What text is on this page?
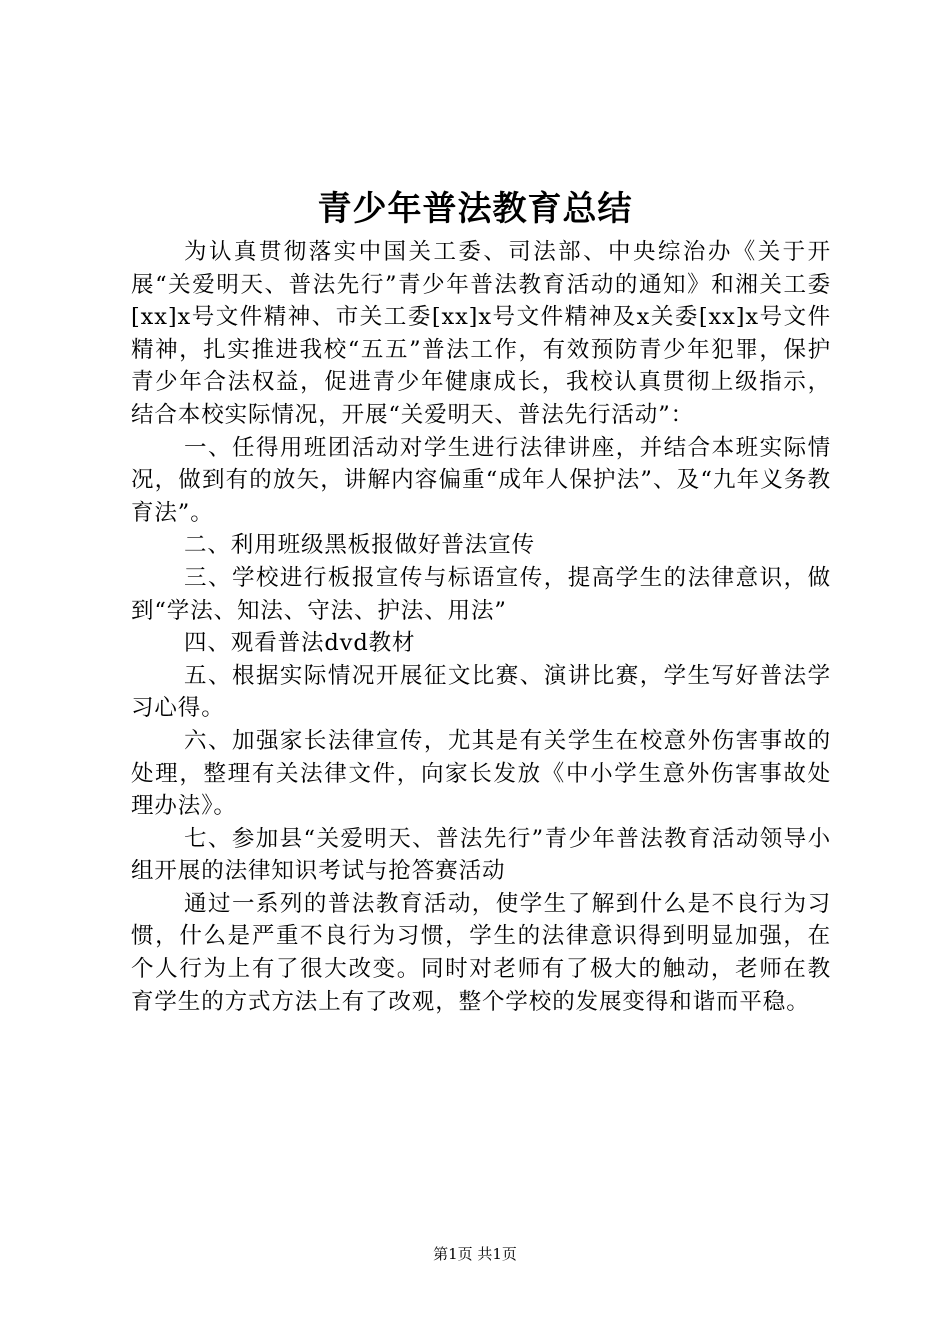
青少年普法教育总结

为认真贯彻落实中国关工委、司法部、中央综治办《关于开展“关爱明天、普法先行”青少年普法教育活动的通知》和湘关工委[xx]x号文件精神、市关工委[xx]x号文件精神及x关委[xx]x号文件精神，扎实推进我校“五五”普法工作，有效预防青少年犯罪，保护青少年合法权益，促进青少年健康成长，我校认真贯彻上级指示，结合本校实际情况，开展“关爱明天、普法先行活动”：

一、任得用班团活动对学生进行法律讲座，并结合本班实际情况，做到有的放矢，讲解内容偏重“成年人保护法”、及“九年义务教育法”。

二、利用班级黑板报做好普法宣传

三、学校进行板报宣传与标语宣传，提高学生的法律意识，做到“学法、知法、守法、护法、用法”

四、观看普法dvd教材

五、根据实际情况开展征文比赛、演讲比赛，学生写好普法学习心得。

六、加强家长法律宣传，尤其是有关学生在校意外伤害事故的处理，整理有关法律文件，向家长发放《中小学生意外伤害事故处理办法》。

七、参加县“关爱明天、普法先行”青少年普法教育活动领导小组开展的法律知识考试与抢答赛活动

通过一系列的普法教育活动，使学生了解到什么是不良行为习惯，什么是严重不良行为习惯，学生的法律意识得到明显加强，在个人行为上有了很大改变。同时对老师有了极大的触动，老师在教育学生的方式方法上有了改观，整个学校的发展变得和谐而平稳。

第1页 共1页
